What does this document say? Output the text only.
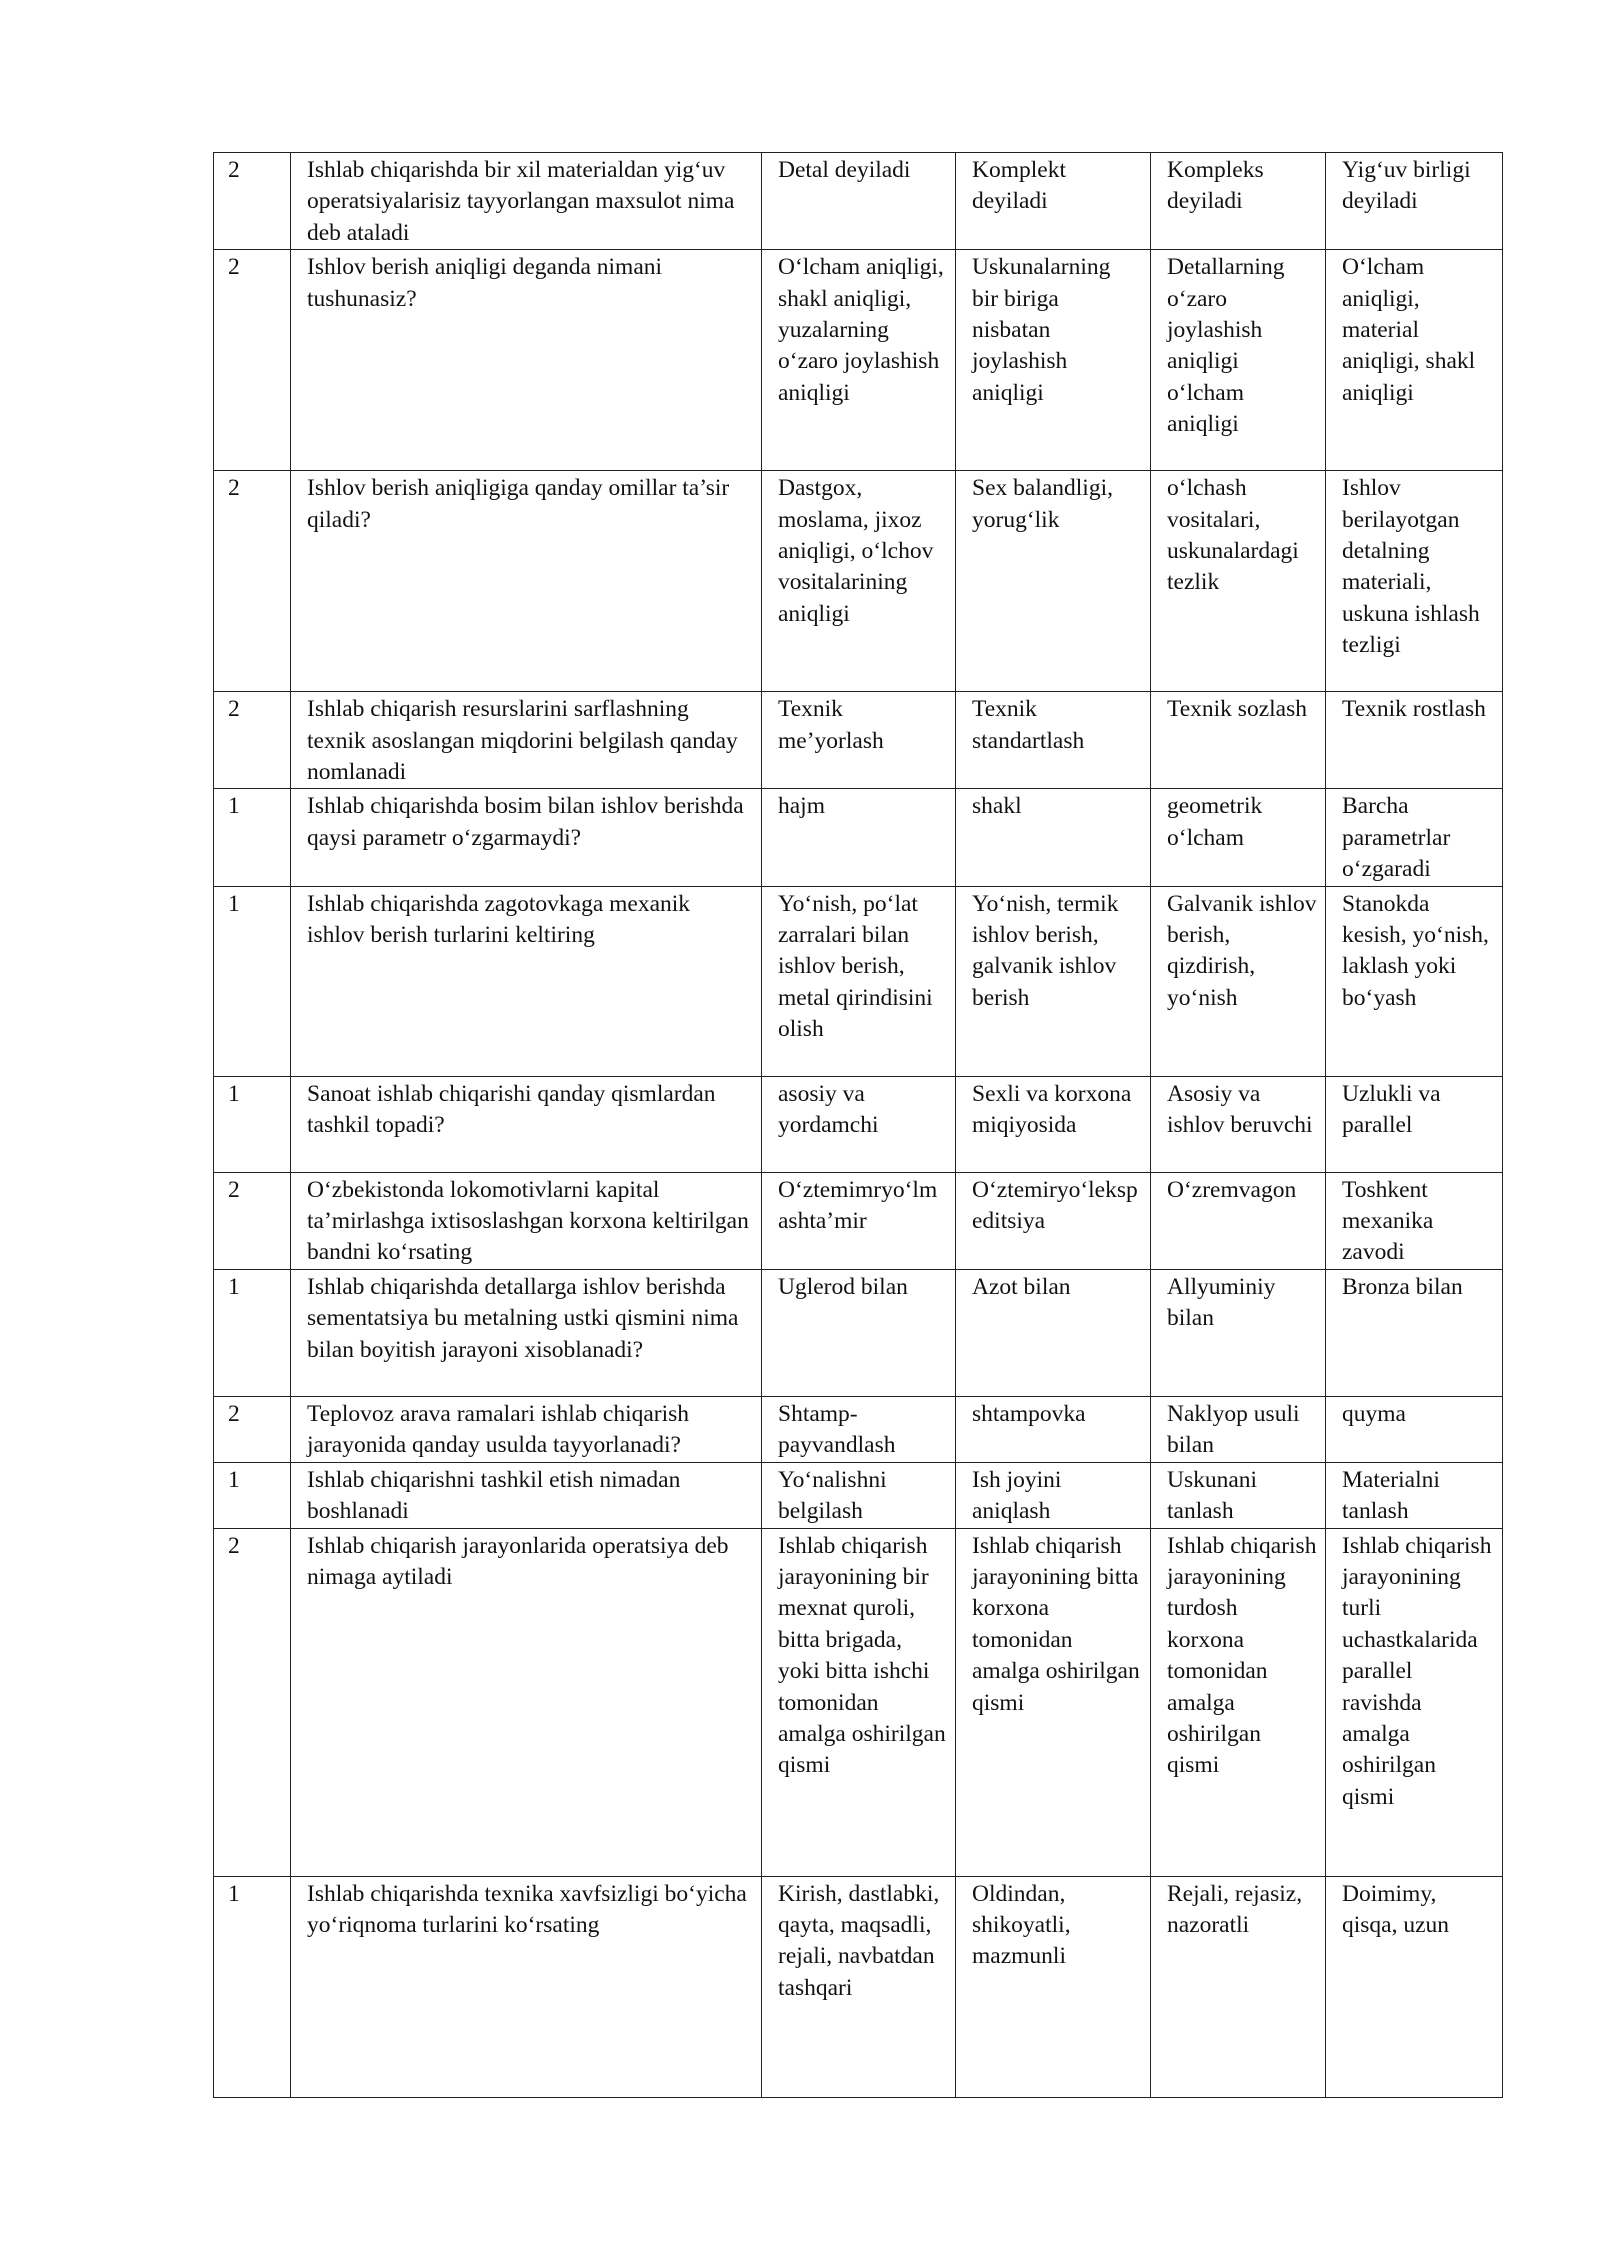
2	Ishlab chiqarishda bir xil materialdan yig‘uv operatsiyalarisiz tayyorlangan maxsulot nima deb ataladi	Detal deyiladi	Komplekt deyiladi	Kompleks deyiladi	Yig‘uv birligi deyiladi
2	Ishlov berish aniqligi deganda nimani tushunasiz?	O‘lcham aniqligi, shakl aniqligi, yuzalarning o‘zaro joylashish aniqligi	Uskunalarning bir biriga nisbatan joylashish aniqligi	Detallarning o‘zaro joylashish aniqligi o‘lcham aniqligi	O‘lcham aniqligi, material aniqligi, shakl aniqligi
2	Ishlov berish aniqligiga qanday omillar ta’sir qiladi?	Dastgox, moslama, jixoz aniqligi, o‘lchov vositalarining aniqligi	Sex balandligi, yorug‘lik	o‘lchash vositalari, uskunalardagi tezlik	Ishlov berilayotgan detalning materiali, uskuna ishlash tezligi
2	Ishlab chiqarish resurslarini sarflashning texnik asoslangan miqdorini belgilash qanday nomlanadi	Texnik me’yorlash	Texnik standartlash	Texnik sozlash	Texnik rostlash
1	Ishlab chiqarishda bosim bilan ishlov berishda qaysi parametr o‘zgarmaydi?	hajm	shakl	geometrik o‘lcham	Barcha parametrlar o‘zgaradi
1	Ishlab chiqarishda zagotovkaga mexanik ishlov berish turlarini keltiring	Yo‘nish, po‘lat zarralari bilan ishlov berish, metal qirindisini olish	Yo‘nish, termik ishlov berish, galvanik ishlov berish	Galvanik ishlov berish, qizdirish, yo‘nish	Stanokda kesish, yo‘nish, laklash yoki bo‘yash
1	Sanoat ishlab chiqarishi qanday qismlardan tashkil topadi?	asosiy va yordamchi	Sexli va korxona miqiyosida	Asosiy va ishlov beruvchi	Uzlukli va parallel
2	O‘zbekistonda lokomotivlarni kapital ta’mirlashga ixtisoslashgan korxona keltirilgan bandni ko‘rsating	O‘ztemimryo‘lmashta’mir	O‘ztemiryo‘lekspeditsiya	O‘zremvagon	Toshkent mexanika zavodi
1	Ishlab chiqarishda detallarga ishlov berishda sementatsiya bu metalning ustki qismini nima bilan boyitish jarayoni xisoblanadi?	Uglerod bilan	Azot bilan	Allyuminiy bilan	Bronza bilan
2	Teplovoz arava ramalari ishlab chiqarish jarayonida qanday usulda tayyorlanadi?	Shtamp-payvandlash	shtampovka	Naklyop usuli bilan	quyma
1	Ishlab chiqarishni tashkil etish nimadan boshlanadi	Yo‘nalishni belgilash	Ish joyini aniqlash	Uskunani tanlash	Materialni tanlash
2	Ishlab chiqarish jarayonlarida operatsiya deb nimaga aytiladi	Ishlab chiqarish jarayonining bir mexnat quroli, bitta brigada, yoki bitta ishchi tomonidan amalga oshirilgan qismi	Ishlab chiqarish jarayonining bitta korxona tomonidan amalga oshirilgan qismi	Ishlab chiqarish jarayonining turdosh korxona tomonidan amalga oshirilgan qismi	Ishlab chiqarish jarayonining turli uchastkalarida parallel ravishda amalga oshirilgan qismi
1	Ishlab chiqarishda texnika xavfsizligi bo‘yicha yo‘riqnoma turlarini ko‘rsating	Kirish, dastlabki, qayta, maqsadli, rejali, navbatdan tashqari	Oldindan, shikoyatli, mazmunli	Rejali, rejasiz, nazoratli	Doimimy, qisqa, uzun
